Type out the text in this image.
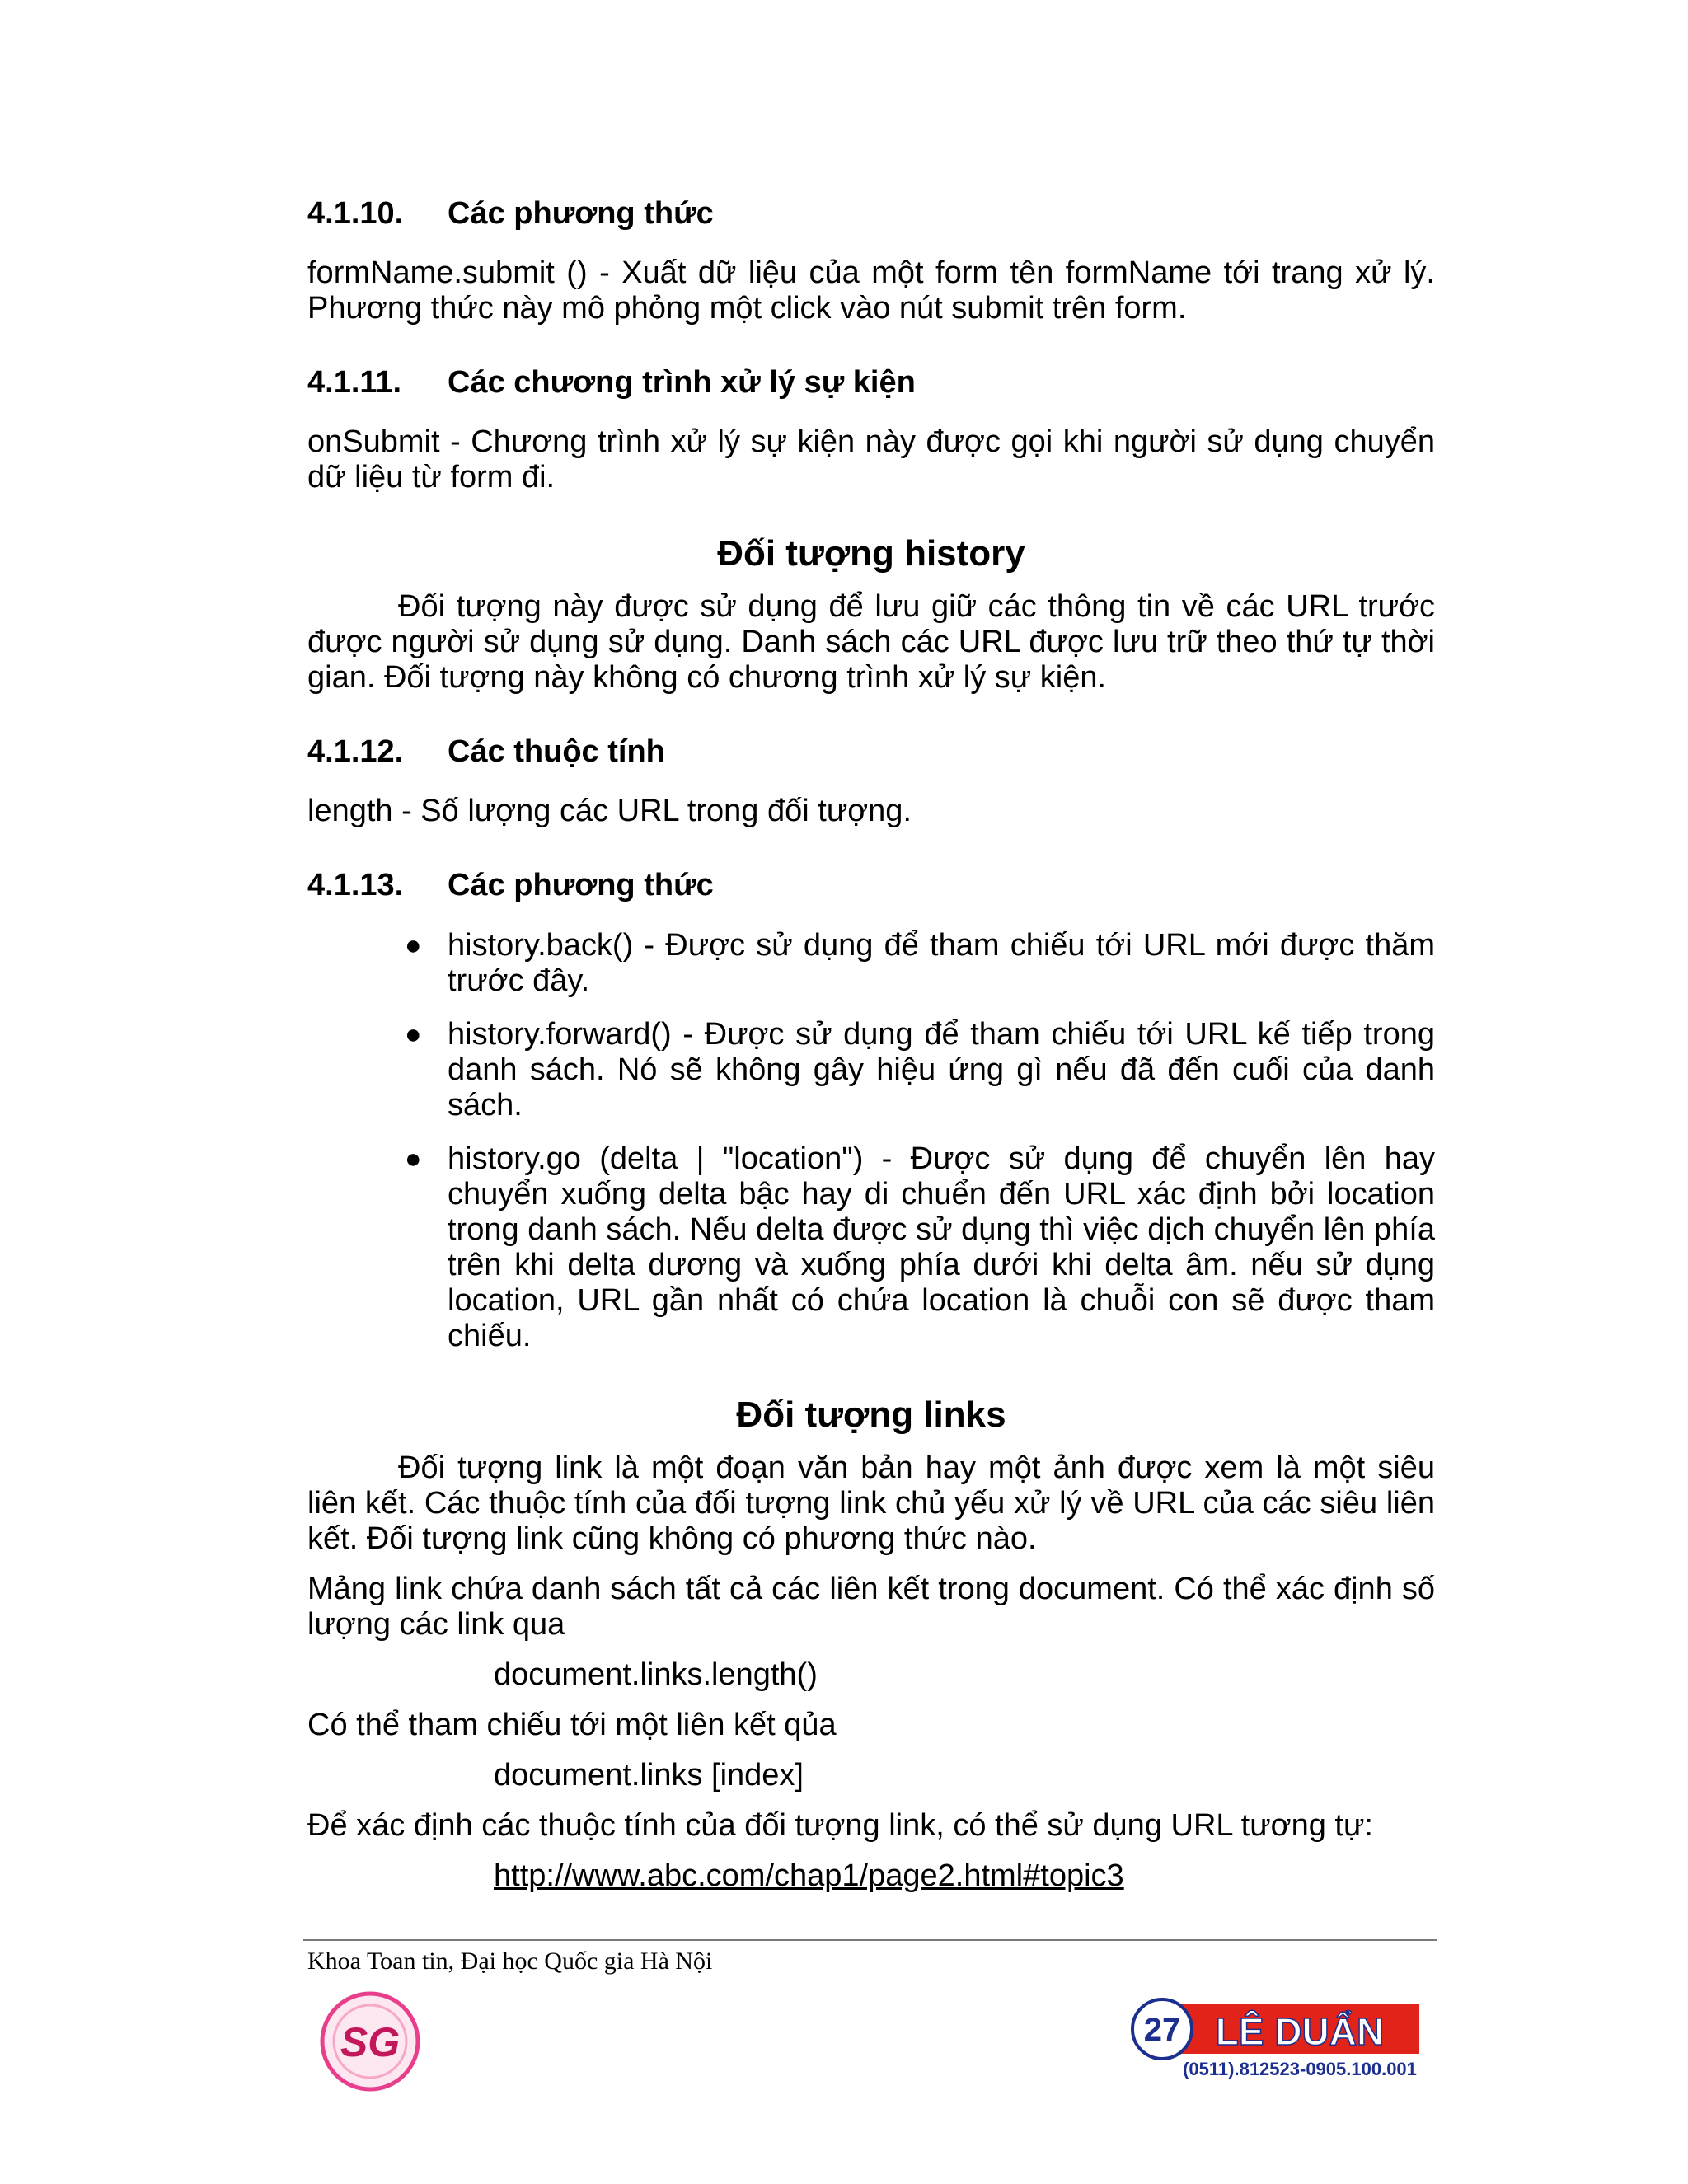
4.1.10.	Các phương thức

formName.submit () - Xuất dữ liệu của một form tên formName tới trang xử lý. Phương thức này mô phỏng một click vào nút submit trên form.

4.1.11.	Các chương trình xử lý sự kiện

onSubmit - Chương trình xử lý sự kiện này được gọi khi người sử dụng chuyển dữ liệu từ form đi.

Đối tượng history

Đối tượng này được sử dụng để lưu giữ các thông tin về các URL trước được người sử dụng sử dụng. Danh sách các URL được lưu trữ theo thứ tự thời gian. Đối tượng này không có chương trình xử lý sự kiện.

4.1.12.	Các thuộc tính

length - Số lượng các URL trong đối tượng.

4.1.13.	Các phương thức
● history.back() - Được sử dụng để tham chiếu tới URL mới được thăm trước đây.
● history.forward() - Được sử dụng để tham chiếu tới URL kế tiếp trong danh sách. Nó sẽ không gây hiệu ứng gì nếu đã đến cuối của danh sách.
● history.go (delta | "location") - Được sử dụng để chuyển lên hay chuyển xuống delta bậc hay di chuển đến URL xác định bởi location trong danh sách. Nếu delta được sử dụng thì việc dịch chuyển lên phía trên khi delta dương và xuống phía dưới khi delta âm. nếu sử dụng location, URL gần nhất có chứa location là chuỗi con sẽ được tham chiếu.
Đối tượng links

Đối tượng link là một đoạn văn bản hay một ảnh được xem là một siêu liên kết. Các thuộc tính của đối tượng link chủ yếu xử lý về URL của các siêu liên kết. Đối tượng link cũng không có phương thức nào.

Mảng link chứa danh sách tất cả các liên kết trong document. Có thể xác định số lượng các link qua

document.links.length()

Có thể tham chiếu tới một liên kết qủa

document.links [index]

Để xác định các thuộc tính của đối tượng link, có thể sử dụng URL tương tự:

http://www.abc.com/chap1/page2.html#topic3

Khoa Toan tin, Đại học Quốc gia Hà Nội
SG	27 LÊ DUẨN
(0511).812523-0905.100.001
